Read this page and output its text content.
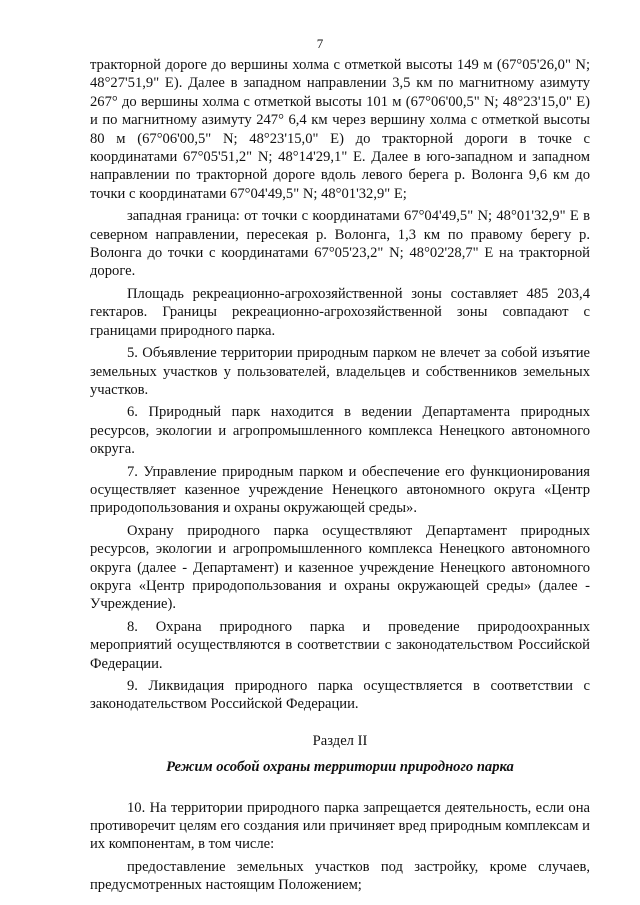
7

тракторной дороге до вершины холма с отметкой высоты 149 м (67°05'26,0" N; 48°27'51,9" E). Далее в западном направлении 3,5 км по магнитному азимуту 267° до вершины холма с отметкой высоты 101 м (67°06'00,5" N; 48°23'15,0" E) и по магнитному азимуту 247° 6,4 км через вершину холма с отметкой высоты 80 м (67°06'00,5" N; 48°23'15,0" E) до тракторной дороги в точке с координатами 67°05'51,2" N; 48°14'29,1" E. Далее в юго-западном и западном направлении по тракторной дороге вдоль левого берега р. Волонга 9,6 км до точки с координатами 67°04'49,5" N; 48°01'32,9" E;

западная граница: от точки с координатами 67°04'49,5" N; 48°01'32,9" E в северном направлении, пересекая р. Волонга, 1,3 км по правому берегу р. Волонга до точки с координатами 67°05'23,2" N; 48°02'28,7" E на тракторной дороге.

Площадь рекреационно-агрохозяйственной зоны составляет 485 203,4 гектаров. Границы рекреационно-агрохозяйственной зоны совпадают с границами природного парка.

5. Объявление территории природным парком не влечет за собой изъятие земельных участков у пользователей, владельцев и собственников земельных участков.

6. Природный парк находится в ведении Департамента природных ресурсов, экологии и агропромышленного комплекса Ненецкого автономного округа.

7. Управление природным парком и обеспечение его функционирования осуществляет казенное учреждение Ненецкого автономного округа «Центр природопользования и охраны окружающей среды».

Охрану природного парка осуществляют Департамент природных ресурсов, экологии и агропромышленного комплекса Ненецкого автономного округа (далее - Департамент) и казенное учреждение Ненецкого автономного округа «Центр природопользования и охраны окружающей среды» (далее - Учреждение).

8. Охрана природного парка и проведение природоохранных мероприятий осуществляются в соответствии с законодательством Российской Федерации.

9. Ликвидация природного парка осуществляется в соответствии с законодательством Российской Федерации.

Раздел II
Режим особой охраны территории природного парка

10. На территории природного парка запрещается деятельность, если она противоречит целям его создания или причиняет вред природным комплексам и их компонентам, в том числе:

предоставление земельных участков под застройку, кроме случаев, предусмотренных настоящим Положением;
